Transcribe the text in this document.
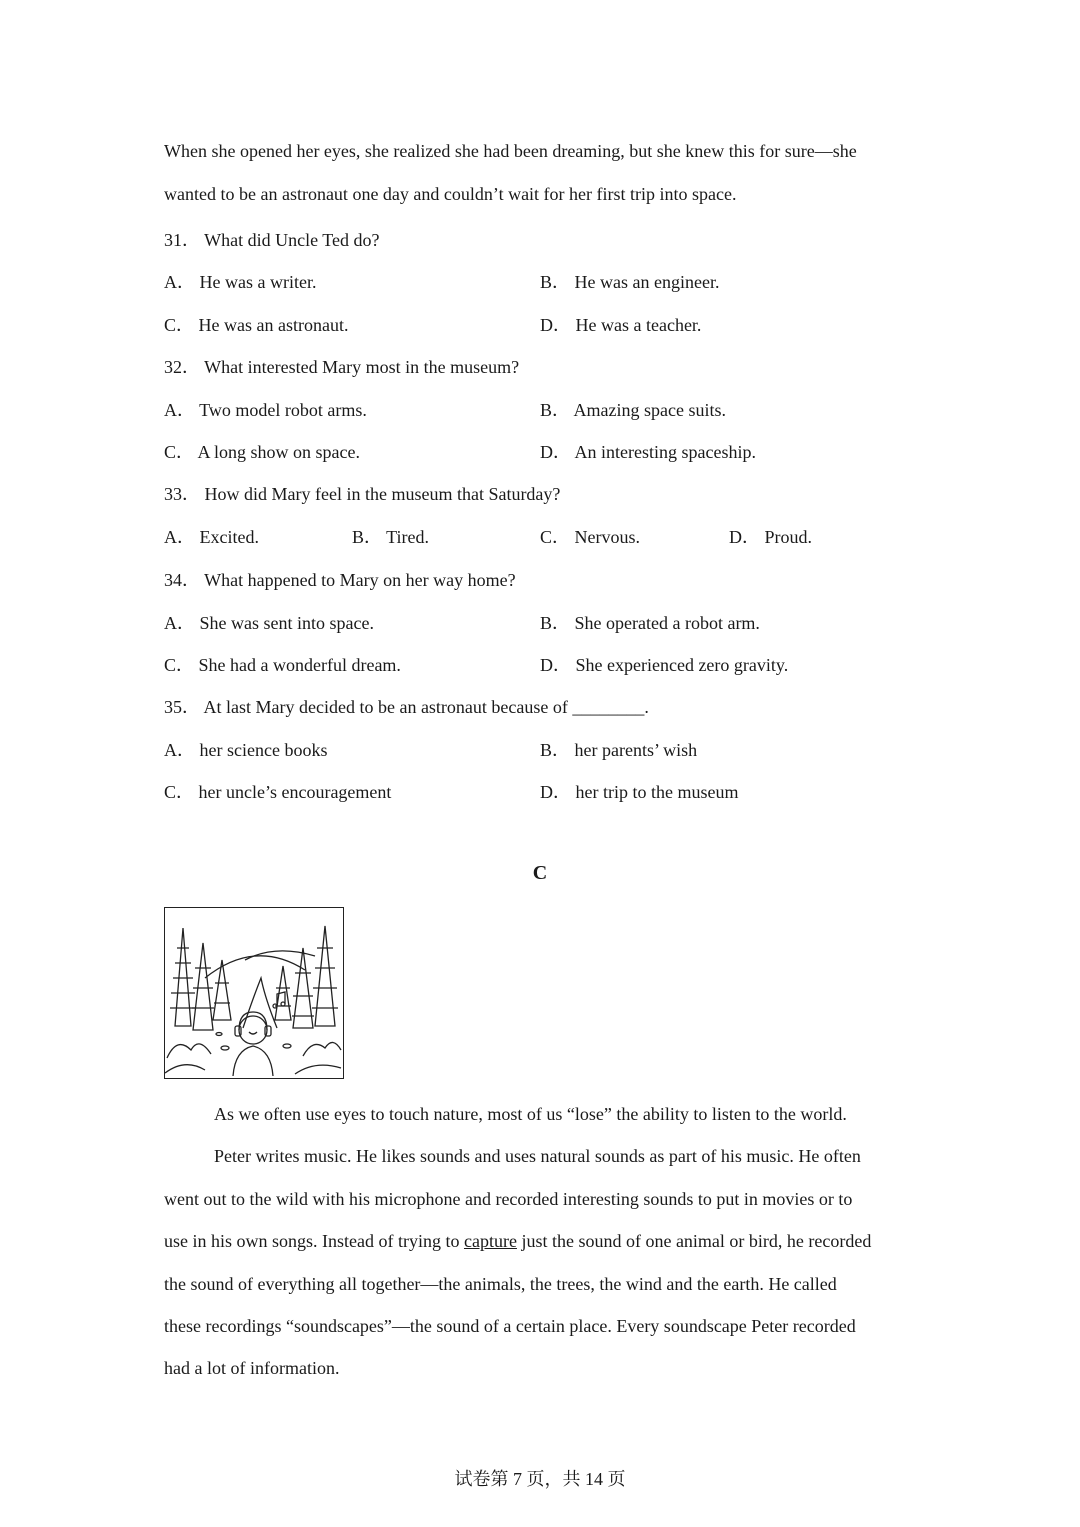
When she opened her eyes, she realized she had been dreaming, but she knew this for sure—she
wanted to be an astronaut one day and couldn’t wait for her first trip into space.
31． What did Uncle Ted do?
A． He was a writer.	B． He was an engineer.
C． He was an astronaut.	D． He was a teacher.
32． What interested Mary most in the museum?
A． Two model robot arms.	B． Amazing space suits.
C． A long show on space.	D． An interesting spaceship.
33． How did Mary feel in the museum that Saturday?
A． Excited.	B． Tired.	C． Nervous.	D． Proud.
34． What happened to Mary on her way home?
A． She was sent into space.	B． She operated a robot arm.
C． She had a wonderful dream.	D． She experienced zero gravity.
35． At last Mary decided to be an astronaut because of ________.
A． her science books	B． her parents’ wish
C． her uncle’s encouragement	D． her trip to the museum
C
As we often use eyes to touch nature, most of us “lose” the ability to listen to the world.
Peter writes music. He likes sounds and uses natural sounds as part of his music. He often
went out to the wild with his microphone and recorded interesting sounds to put in movies or to
use in his own songs. Instead of trying to capture just the sound of one animal or bird, he recorded
the sound of everything all together—the animals, the trees, the wind and the earth. He called
these recordings “soundscapes”—the sound of a certain place. Every soundscape Peter recorded
had a lot of information.
试卷第 7 页，共 14 页
